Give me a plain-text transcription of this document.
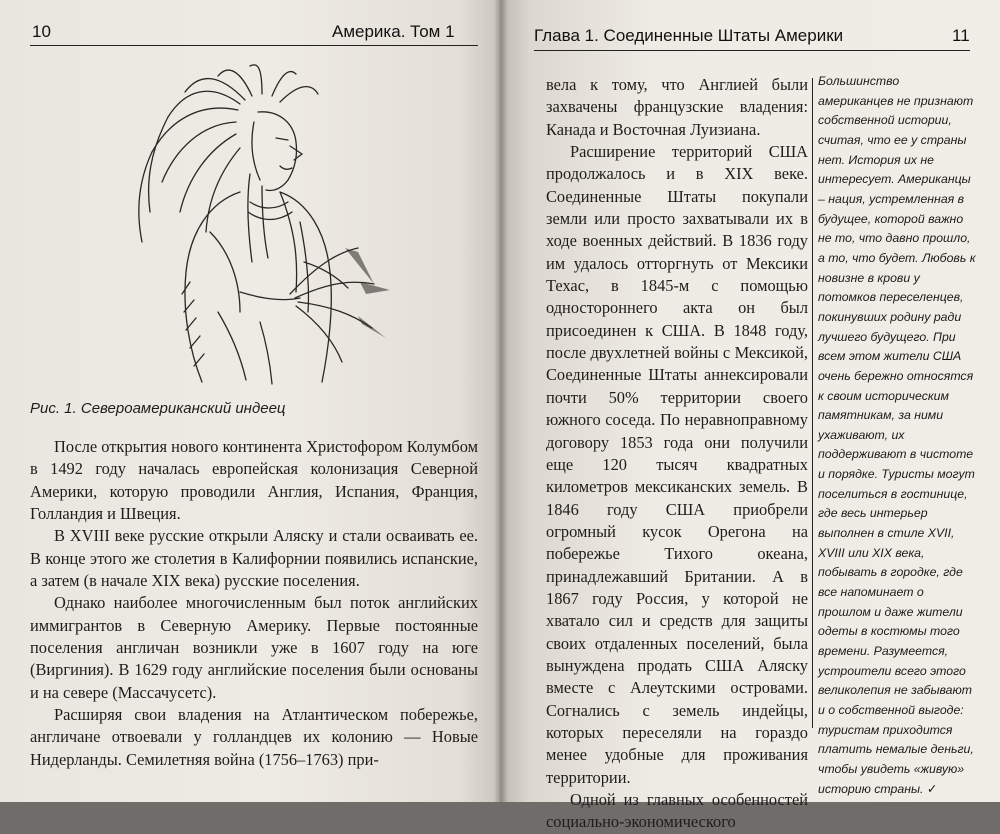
10	Америка. Том 1
Рис. 1. Североамериканский индеец

После открытия нового континента Христофором Колумбом в 1492 году началась европейская колонизация Северной Америки, которую проводили Англия, Испания, Франция, Голландия и Швеция.

В XVIII веке русские открыли Аляску и стали осваивать ее. В конце этого же столетия в Калифорнии появились испанские, а затем (в начале XIX века) русские поселения.

Однако наиболее многочисленным был поток английских иммигрантов в Северную Америку. Первые постоянные поселения англичан возникли уже в 1607 году на юге (Виргиния). В 1629 году английские поселения были основаны и на севере (Массачусетс).

Расширяя свои владения на Атлантическом побережье, англичане отвоевали у голландцев их колонию — Новые Нидерланды. Семилетняя война (1756–1763) при-

Глава 1. Соединенные Штаты Америки	11

вела к тому, что Англией были захвачены французские владения: Канада и Восточная Луизиана.

Расширение территорий США продолжалось и в XIX веке. Соединенные Штаты покупали земли или просто захватывали их в ходе военных действий. В 1836 году им удалось отторгнуть от Мексики Техас, в 1845-м с помощью одностороннего акта он был присоединен к США. В 1848 году, после двухлетней войны с Мексикой, Соединенные Штаты аннексировали почти 50% территории своего южного соседа. По неравноправному договору 1853 года они получили еще 120 тысяч квадратных километров мексиканских земель. В 1846 году США приобрели огромный кусок Орегона на побережье Тихого океана, принадлежавший Британии. А в 1867 году Россия, у которой не хватало сил и средств для защиты своих отдаленных поселений, была вынуждена продать США Аляску вместе с Алеутскими островами. Согнались с земель индейцы, которых переселяли на гораздо менее удобные для проживания территории.

Одной из главных особенностей социально-экономического

Большинство американцев не признают собственной истории, считая, что ее у страны нет. История их не интересует. Американцы – нация, устремленная в будущее, которой важно не то, что давно прошло, а то, что будет. Любовь к новизне в крови у потомков переселенцев, покинувших родину ради лучшего будущего. При всем этом жители США очень бережно относятся к своим историческим памятникам, за ними ухаживают, их поддерживают в чистоте и порядке. Туристы могут поселиться в гостинице, где весь интерьер выполнен в стиле XVII, XVIII или XIX века, побывать в городке, где все напоминает о прошлом и даже жители одеты в костюмы того времени. Разумеется, устроители всего этого великолепия не забывают и о собственной выгоде: туристам приходится платить немалые деньги, чтобы увидеть «живую» историю страны. ✓
